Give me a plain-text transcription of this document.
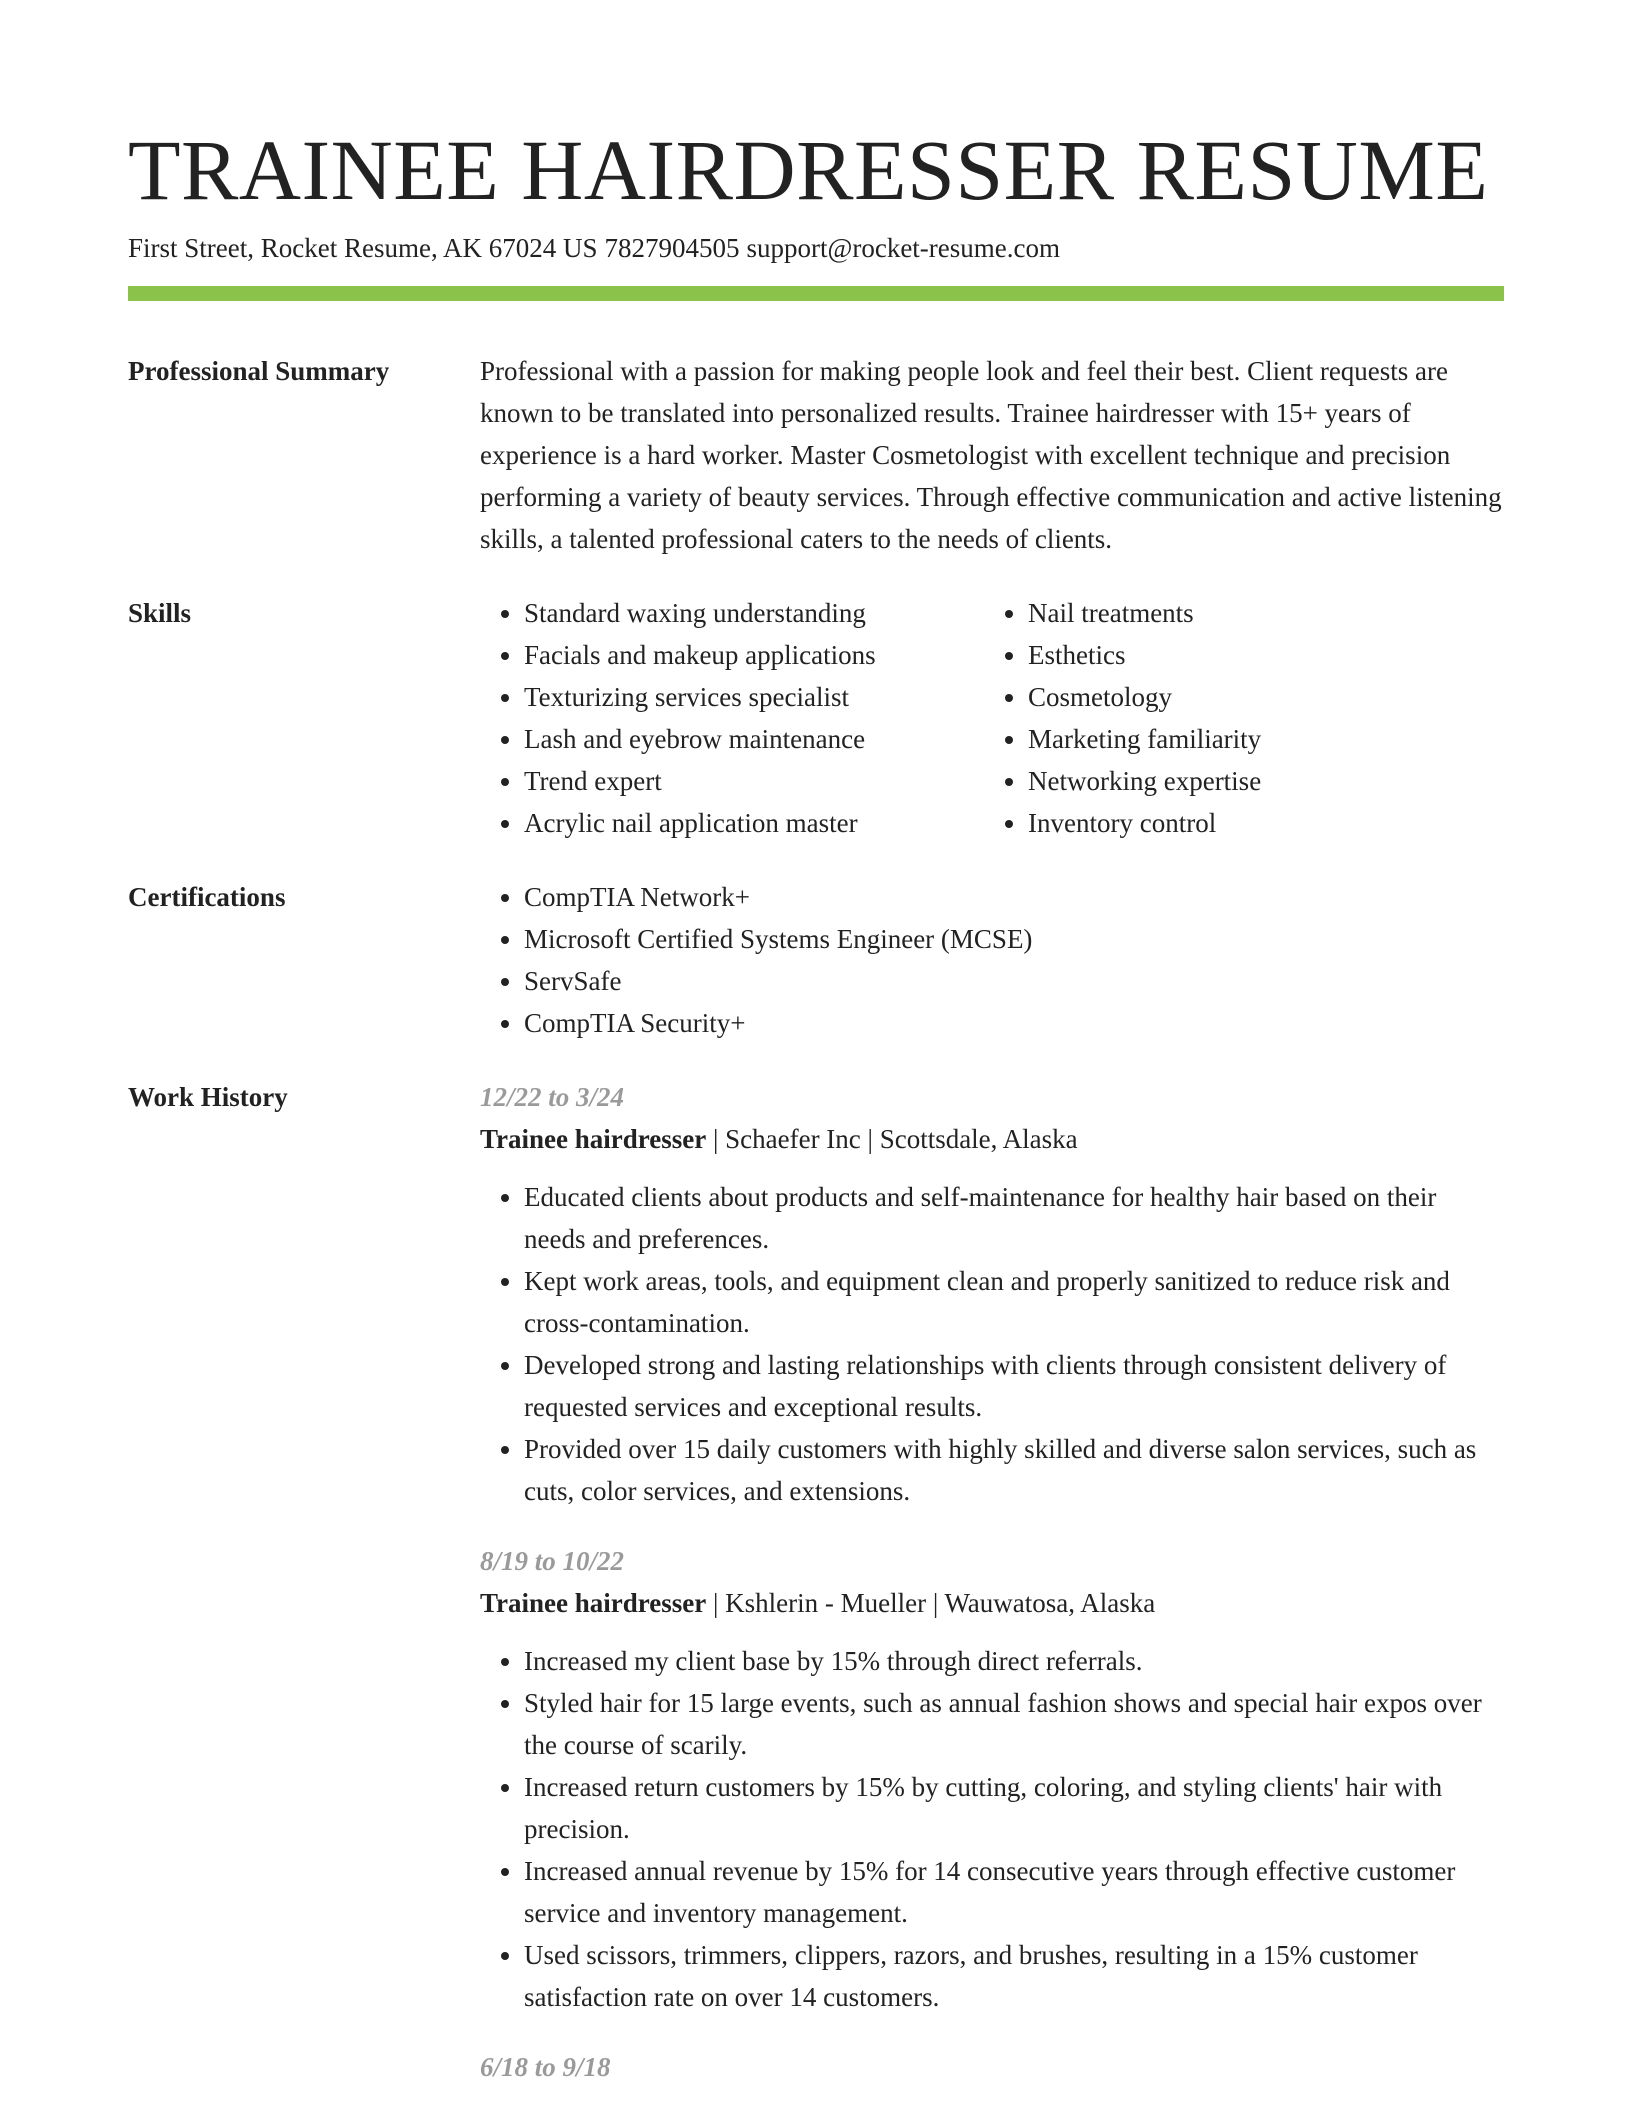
TRAINEE HAIRDRESSER RESUME
First Street, Rocket Resume, AK 67024 US 7827904505 support@rocket-resume.com
Professional Summary	Professional with a passion for making people look and feel their best. Client requests are known to be translated into personalized results. Trainee hairdresser with 15+ years of experience is a hard worker. Master Cosmetologist with excellent technique and precision performing a variety of beauty services. Through effective communication and active listening skills, a talented professional caters to the needs of clients.

Skills	• Standard waxing understanding
• Facials and makeup applications
• Texturizing services specialist
• Lash and eyebrow maintenance
• Trend expert
• Acrylic nail application master
• Nail treatments
• Esthetics
• Cosmetology
• Marketing familiarity
• Networking expertise
• Inventory control
Certifications	• CompTIA Network+
• Microsoft Certified Systems Engineer (MCSE)
• ServSafe
• CompTIA Security+
Work History	12/22 to 3/24
Trainee hairdresser | Schaefer Inc | Scottsdale, Alaska
• Educated clients about products and self-maintenance for healthy hair based on their needs and preferences.
• Kept work areas, tools, and equipment clean and properly sanitized to reduce risk and cross-contamination.
• Developed strong and lasting relationships with clients through consistent delivery of requested services and exceptional results.
• Provided over 15 daily customers with highly skilled and diverse salon services, such as cuts, color services, and extensions.
8/19 to 10/22
Trainee hairdresser | Kshlerin - Mueller | Wauwatosa, Alaska
• Increased my client base by 15% through direct referrals.
• Styled hair for 15 large events, such as annual fashion shows and special hair expos over the course of scarily.
• Increased return customers by 15% by cutting, coloring, and styling clients' hair with precision.
• Increased annual revenue by 15% for 14 consecutive years through effective customer service and inventory management.
• Used scissors, trimmers, clippers, razors, and brushes, resulting in a 15% customer satisfaction rate on over 14 customers.
6/18 to 9/18
